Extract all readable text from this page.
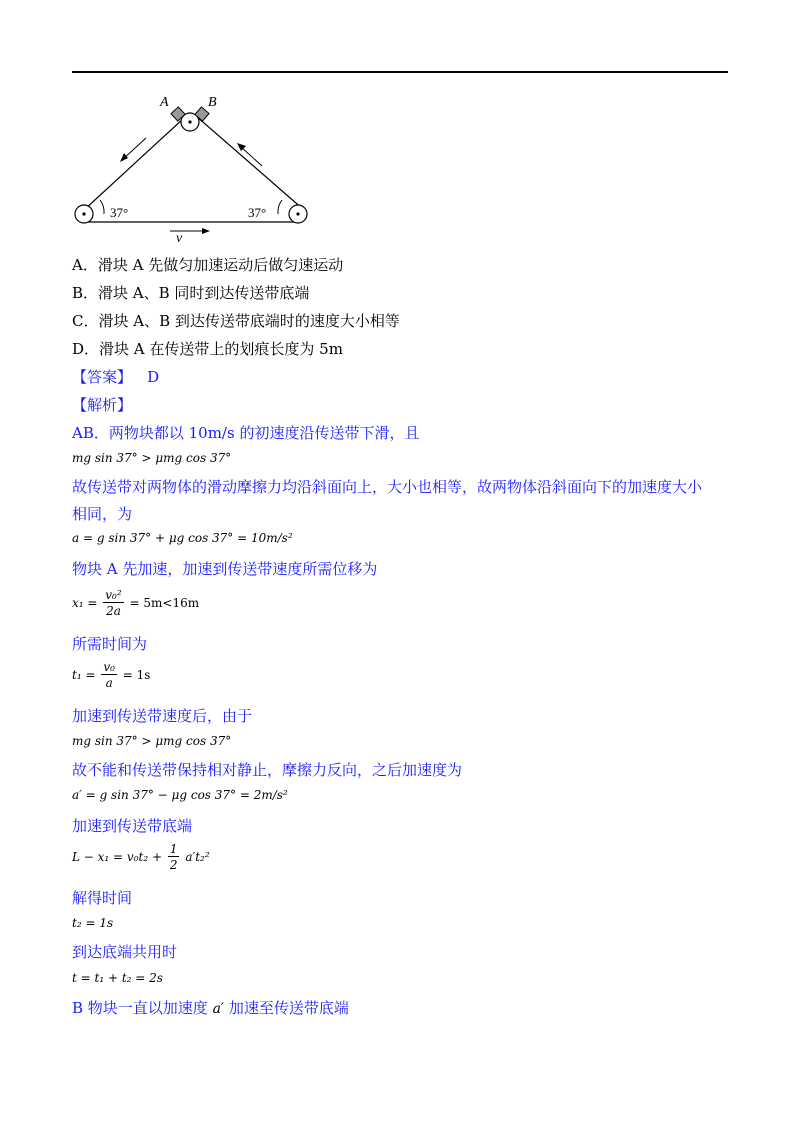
A	B
37°	37°
v
A．滑块 A 先做匀加速运动后做匀速运动
B．滑块 A、B 同时到达传送带底端
C．滑块 A、B 到达传送带底端时的速度大小相等
D．滑块 A 在传送带上的划痕长度为 5m
【答案】 D
【解析】
AB．两物块都以 10m/s 的初速度沿传送带下滑，且
mg sin 37° > μmg cos 37°
故传送带对两物体的滑动摩擦力均沿斜面向上，大小也相等，故两物体沿斜面向下的加速度大小
相同，为
a = g sin 37° + μg cos 37° = 10m/s²
物块 A 先加速，加速到传送带速度所需位移为
$x_1 = \frac{\text{v₀²}}{2a} = 5m<16m$
所需时间为
$t_1 = \frac{\text{v₀}}{a} = 1s$
加速到传送带速度后，由于
mg sin 37° > μmg cos 37°
故不能和传送带保持相对静止，摩擦力反向，之后加速度为
a′ = g sin 37° − μg cos 37° = 2m/s²
加速到传送带底端
$L - x_1 = v_0t_2 + \frac{1}{2} a't_2^2$
解得时间
t₂ = 1s
到达底端共用时
t = t₁ + t₂ = 2s
B 物块一直以加速度 a′ 加速至传送带底端
